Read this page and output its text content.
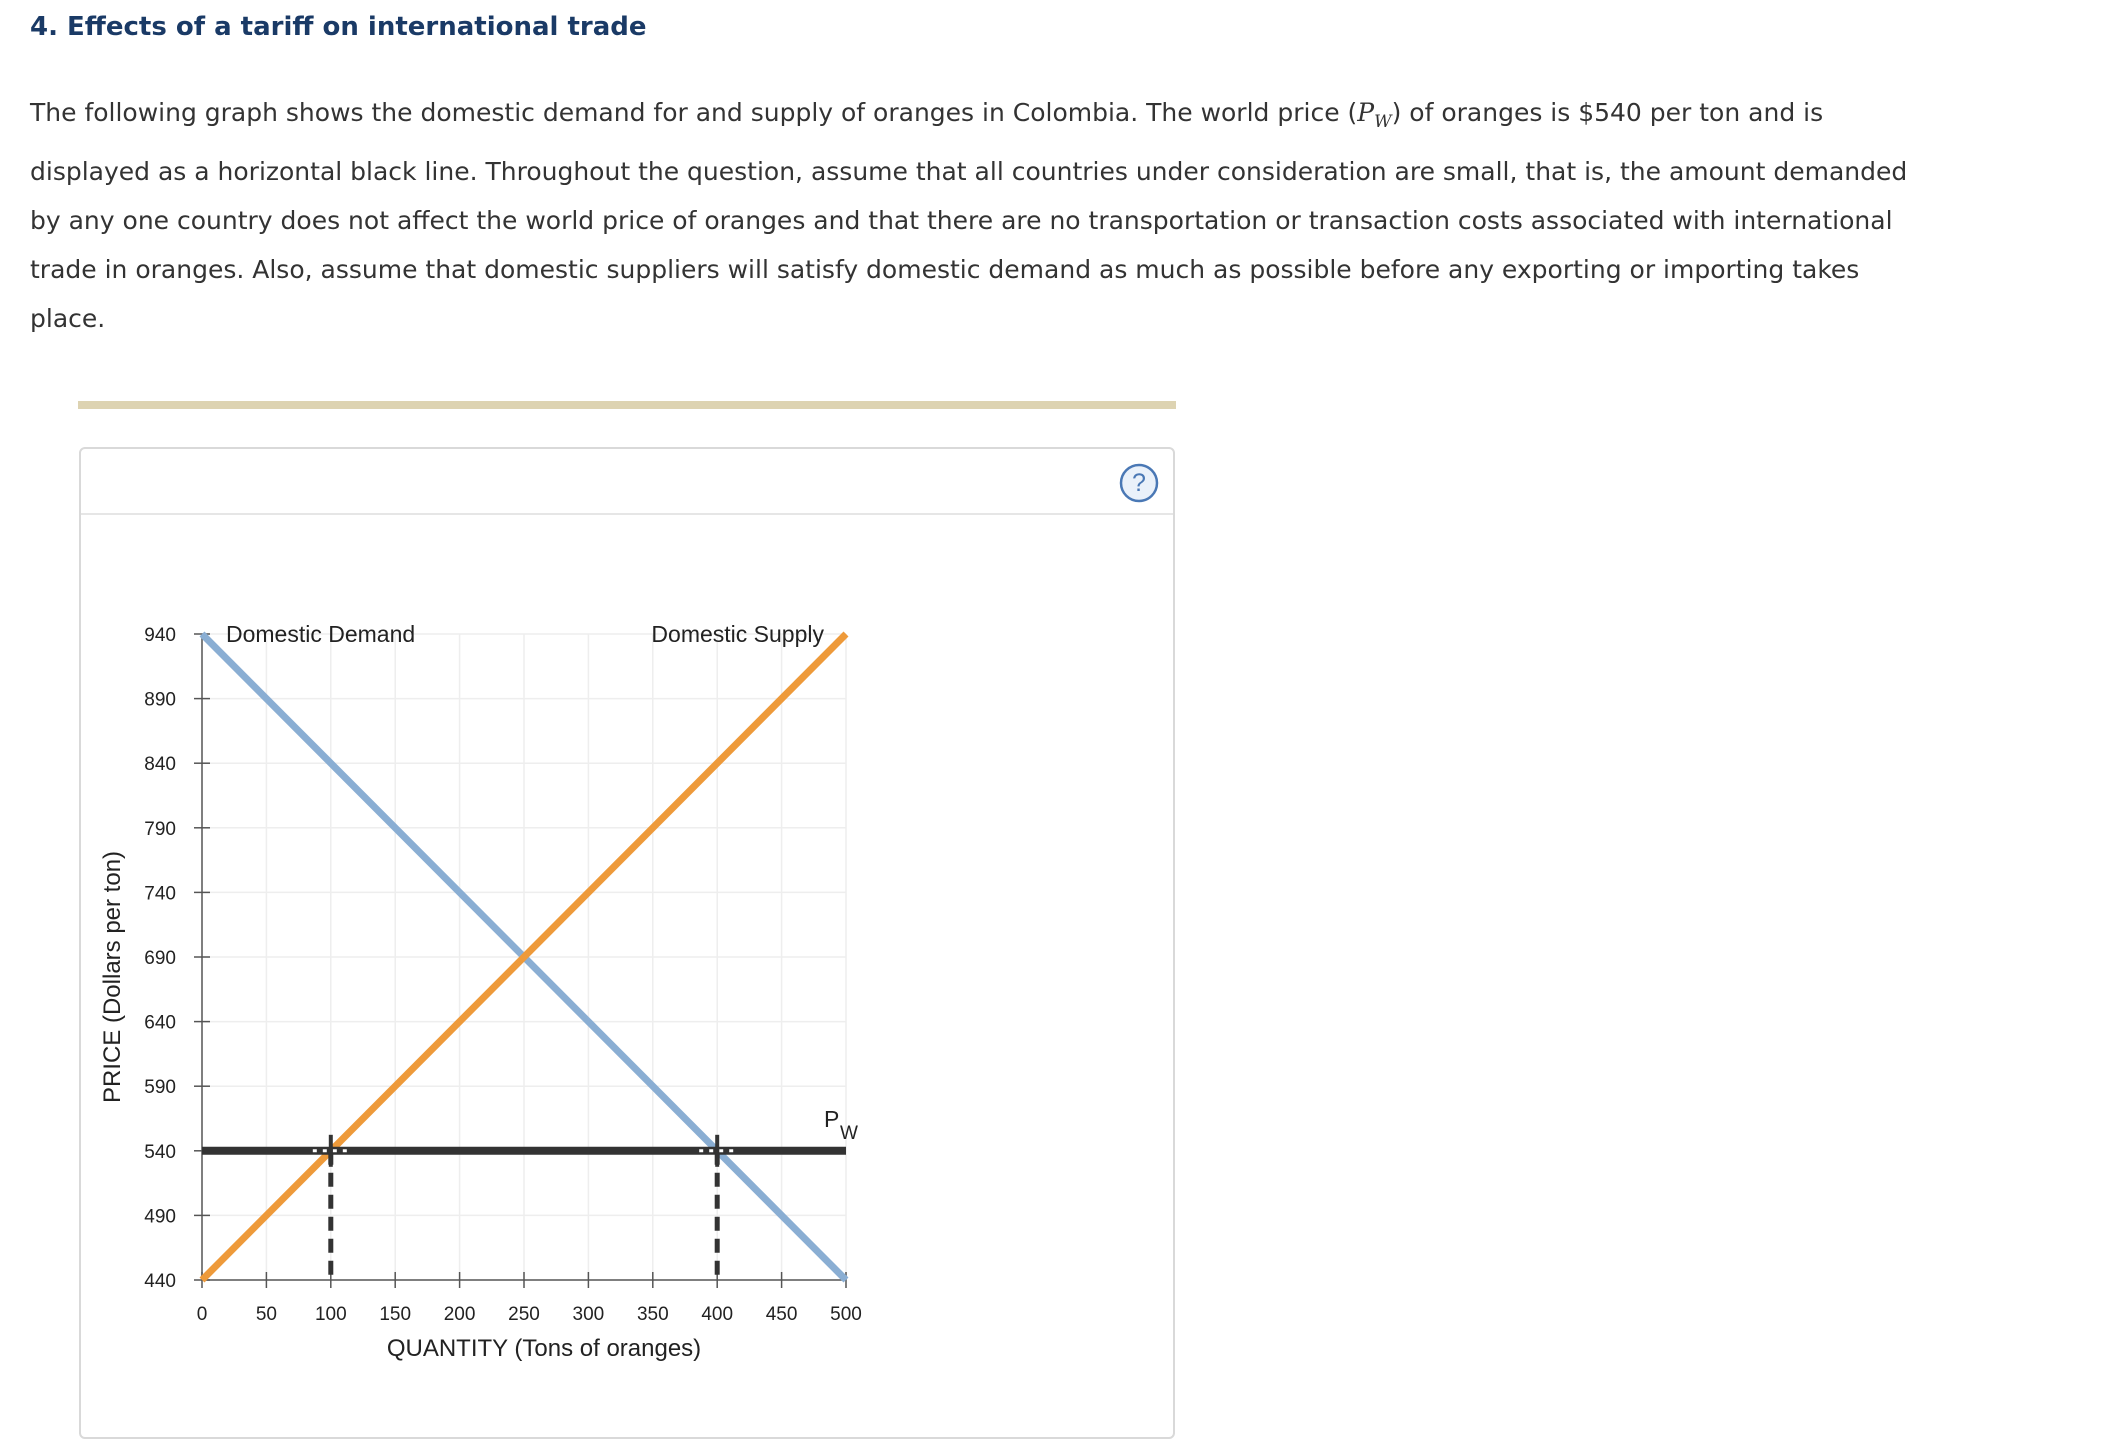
4. Effects of a tariff on international trade
The following graph shows the domestic demand for and supply of oranges in Colombia. The world price $(P_W)$ of oranges is $540 per ton and is displayed as a horizontal black line. Throughout the question, assume that all countries under consideration are small, that is, the amount demanded by any one country does not affect the world price of oranges and that there are no transportation or transaction costs associated with international trade in oranges. Also, assume that domestic suppliers will satisfy domestic demand as much as possible before any exporting or importing takes place.
?
0	50 100 150 200 250 300 350 400 450 500
440
490
540
590
640
690
740
790
840
890
940
QUANTITY (Tons of oranges)
PRICE (Dollars per ton)
Domestic Demand	Domestic Supply
P
W
